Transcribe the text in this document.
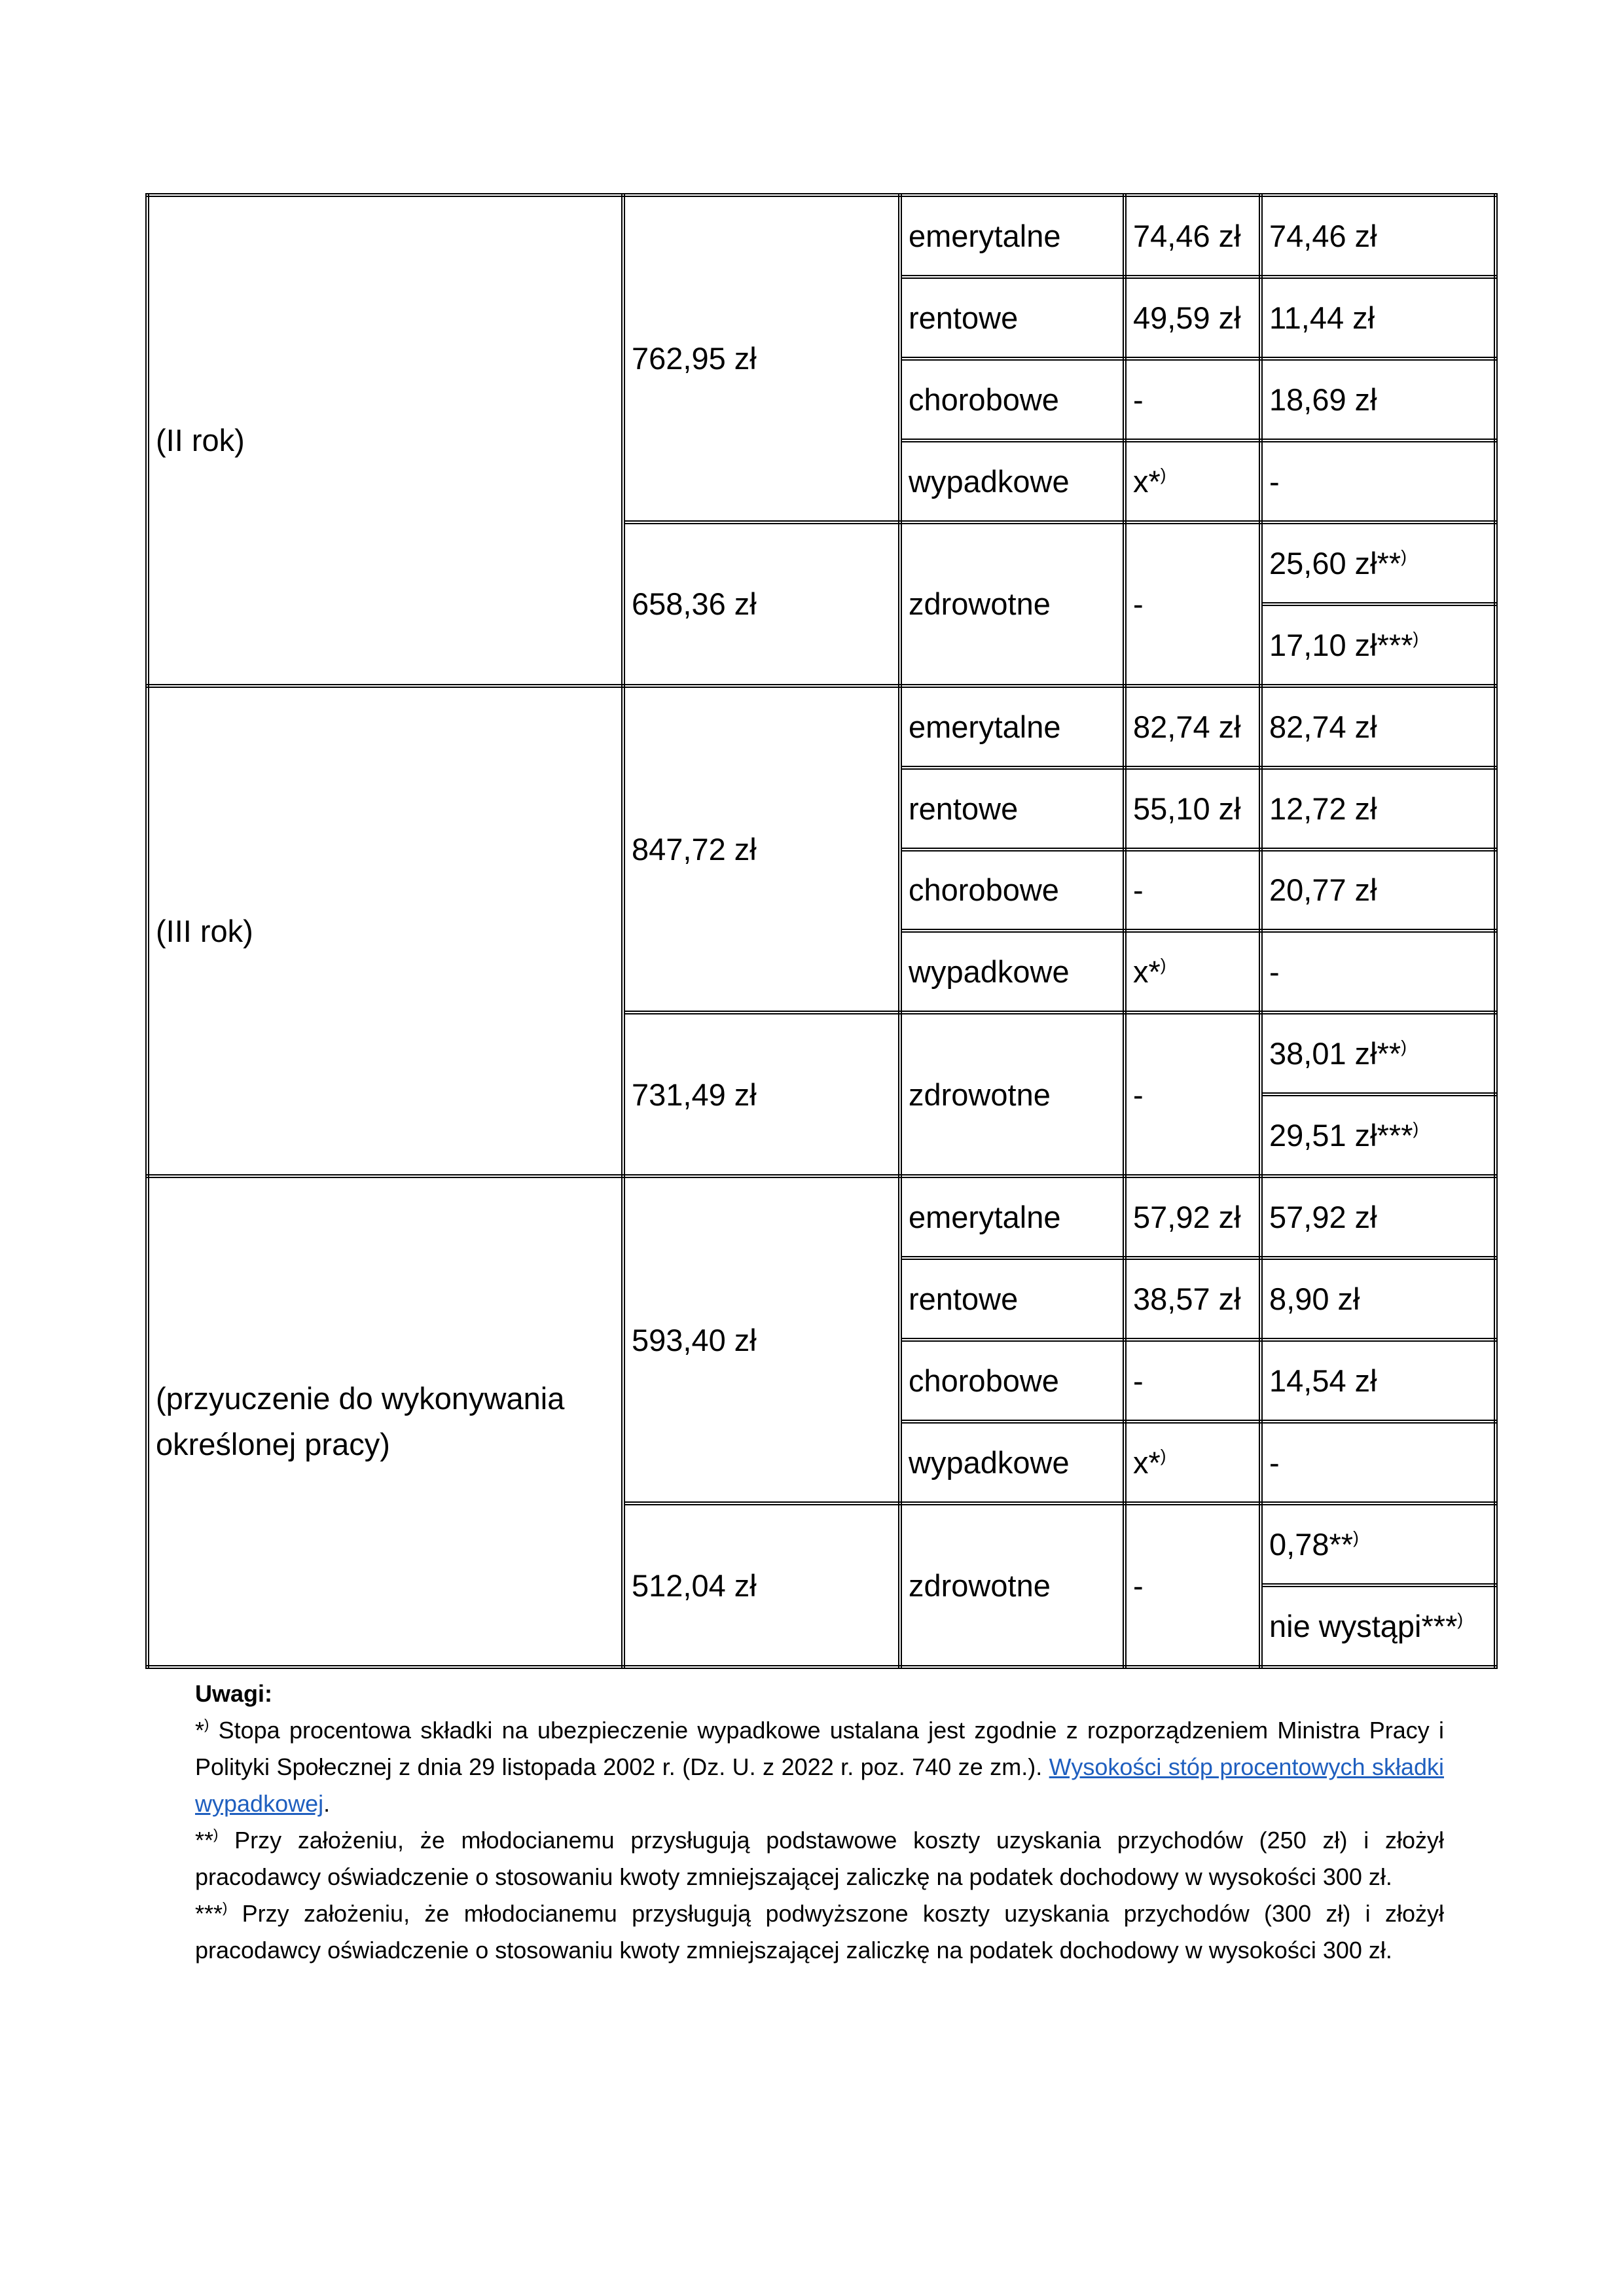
(II rok)	762,95 zł	emerytalne	74,46 zł	74,46 zł
		rentowe	49,59 zł	11,44 zł
		chorobowe	-	18,69 zł
		wypadkowe	x*)	-
	658,36 zł	zdrowotne	-	25,60 zł**)
				17,10 zł***)
(III rok)	847,72 zł	emerytalne	82,74 zł	82,74 zł
		rentowe	55,10 zł	12,72 zł
		chorobowe	-	20,77 zł
		wypadkowe	x*)	-
	731,49 zł	zdrowotne	-	38,01 zł**)
				29,51 zł***)

(przyuczenie do wykonywania
określonej pracy)	593,40 zł	emerytalne	57,92 zł	57,92 zł
		rentowe	38,57 zł	8,90 zł
		chorobowe	-	14,54 zł
		wypadkowe	x*)	-
	512,04 zł	zdrowotne	-	0,78**)
				nie wystąpi***)

Uwagi:

*) Stopa procentowa składki na ubezpieczenie wypadkowe ustalana jest zgodnie z rozporządzeniem Ministra Pracy i Polityki Społecznej z dnia 29 listopada 2002 r. (Dz. U. z 2022 r. poz. 740 ze zm.). Wysokości stóp procentowych składki wypadkowej.

**) Przy założeniu, że młodocianemu przysługują podstawowe koszty uzyskania przychodów (250 zł) i złożył pracodawcy oświadczenie o stosowaniu kwoty zmniejszającej zaliczkę na podatek dochodowy w wysokości 300 zł.

***) Przy założeniu, że młodocianemu przysługują podwyższone koszty uzyskania przychodów (300 zł) i złożył pracodawcy oświadczenie o stosowaniu kwoty zmniejszającej zaliczkę na podatek dochodowy w wysokości 300 zł.
